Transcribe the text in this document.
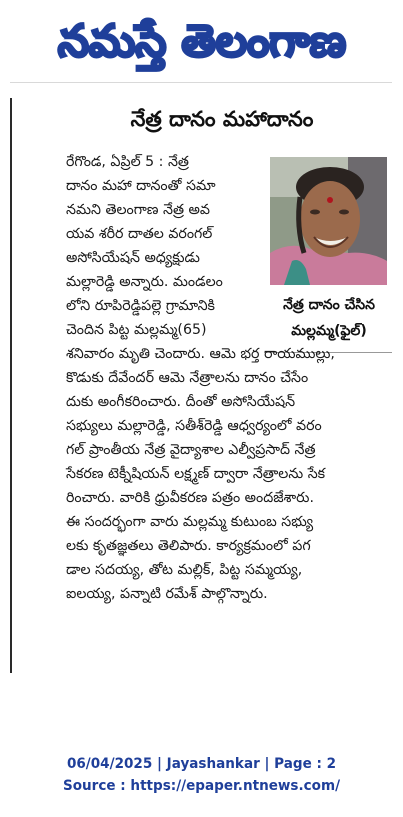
నమస్తే తెలంగాణ
నేత్ర దానం మహాదానం
రేగొండ, ఏప్రిల్ 5 : నేత్ర
దానం మహా దానంతో సమా
నమని తెలంగాణ నేత్ర అవ
యవ శరీర దాతల వరంగల్
అసోసియేషన్ అధ్యక్షుడు
మల్లారెడ్డి అన్నారు. మండలం
లోని రూపిరెడ్డిపల్లె గ్రామానికి
చెందిన పిట్ట మల్లమ్మ(65)
నేత్ర దానం చేసిన
మల్లమ్మ(ఫైల్)
శనివారం మృతి చెందారు. ఆమె భర్త రాయముల్లు,
కొడుకు దేవేందర్ ఆమె నేత్రాలను దానం చేసేం
దుకు అంగీకరించారు. దీంతో అసోసియేషన్
సభ్యులు మల్లారెడ్డి, సతీశ్‌రెడ్డి ఆధ్వర్యంలో వరం
గల్ ప్రాంతీయ నేత్ర వైద్యాశాల ఎల్వీప్రసాద్ నేత్ర
సేకరణ టెక్నీషియన్ లక్ష్మణ్ ద్వారా నేత్రాలను సేక
రించారు. వారికి ధ్రువీకరణ పత్రం అందజేశారు.
ఈ సందర్భంగా వారు మల్లమ్మ కుటుంబ సభ్యు
లకు కృతజ్ఞతలు తెలిపారు. కార్యక్రమంలో పగ
డాల సదయ్య, తోట మల్లిక్, పిట్ట సమ్మయ్య,
ఐలయ్య, పన్నాటి రమేశ్ పాల్గొన్నారు.
06/04/2025 | Jayashankar | Page : 2
Source : https://epaper.ntnews.com/
